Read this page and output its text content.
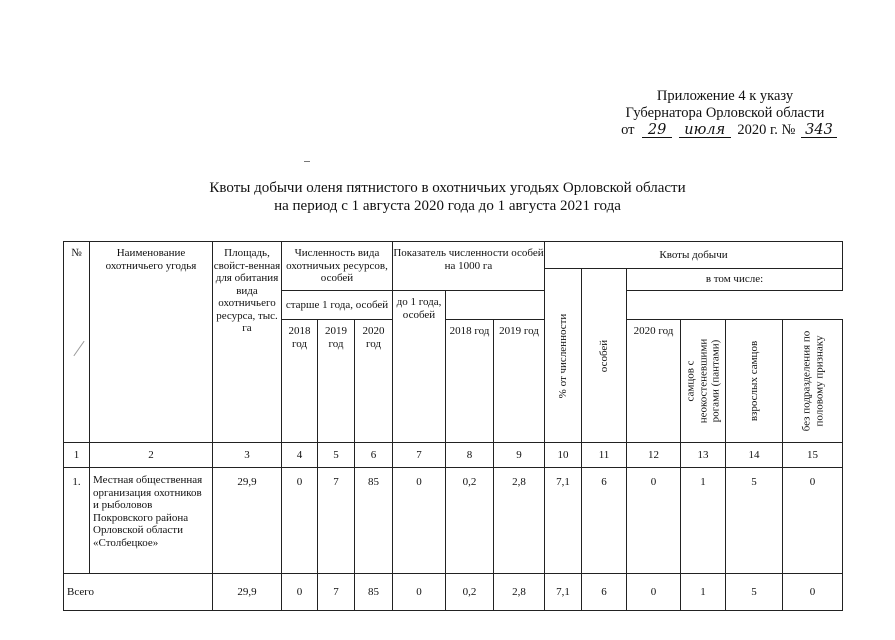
Приложение 4 к указу
Губернатора Орловской области
от 29 июля 2020 г. № 343
Квоты добычи оленя пятнистого в охотничьих угодьях Орловской области
на период с 1 августа 2020 года до 1 августа 2021 года
№	Наименование охотничьего угодья	Площадь, свойст-венная для обитания вида охотничьего ресурса, тыс. га	Численность вида охотничьих ресурсов, особей			Показатель численности особей на 1000 га			Квоты добычи					

									% от численности	особей	в том числе:			
			старше 1 года, особей			до 1 года, особей								
			2018 год	2019 год	2020 год		2018 год	2019 год			2020 год	самцов с неокостеневшими рогами (пантами)	взрослых самцов	без подразделения по половому признаку

1	2	3	4	5	6	7	8	9	10	11	12	13	14	15
1.	Местная общественная организация охотников и рыболовов Покровского района Орловской области «Столбецкое»	29,9	0	7	85	0	0,2	2,8	7,1	6	0	1	5	0
Всего		29,9	0	7	85	0	0,2	2,8	7,1	6	0	1	5	0
